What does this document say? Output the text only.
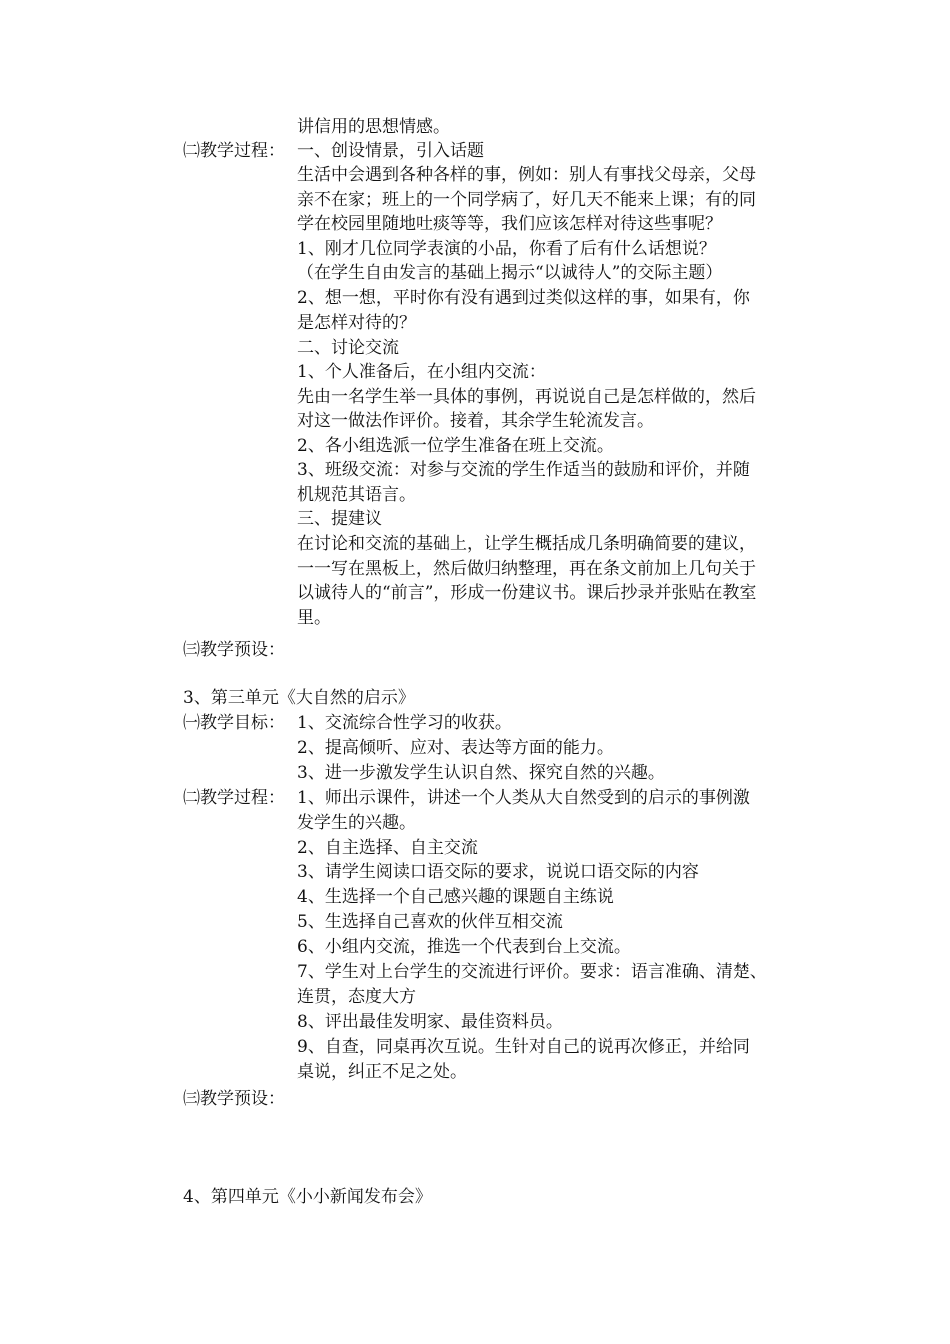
讲信用的思想情感。
㈡教学过程： 一、创设情景，引入话题
生活中会遇到各种各样的事，例如：别人有事找父母亲，父母
亲不在家；班上的一个同学病了，好几天不能来上课；有的同
学在校园里随地吐痰等等，我们应该怎样对待这些事呢？
1、刚才几位同学表演的小品，你看了后有什么话想说？
（在学生自由发言的基础上揭示“以诚待人”的交际主题）
2、想一想，平时你有没有遇到过类似这样的事，如果有，你
是怎样对待的？
二、讨论交流
1、个人准备后，在小组内交流：
先由一名学生举一具体的事例，再说说自己是怎样做的，然后
对这一做法作评价。接着，其余学生轮流发言。
2、各小组选派一位学生准备在班上交流。
3、班级交流：对参与交流的学生作适当的鼓励和评价，并随
机规范其语言。
三、提建议
在讨论和交流的基础上，让学生概括成几条明确简要的建议，
一一写在黑板上，然后做归纳整理，再在条文前加上几句关于
以诚待人的“前言”，形成一份建议书。课后抄录并张贴在教室
里。
㈢教学预设：
3、第三单元《大自然的启示》
㈠教学目标： 1、交流综合性学习的收获。
2、提高倾听、应对、表达等方面的能力。
3、进一步激发学生认识自然、探究自然的兴趣。
㈡教学过程： 1、师出示课件，讲述一个人类从大自然受到的启示的事例激
发学生的兴趣。
2、自主选择、自主交流
3、请学生阅读口语交际的要求，说说口语交际的内容
4、生选择一个自己感兴趣的课题自主练说
5、生选择自己喜欢的伙伴互相交流
6、小组内交流，推选一个代表到台上交流。
7、学生对上台学生的交流进行评价。要求：语言准确、清楚、
连贯，态度大方
8、评出最佳发明家、最佳资料员。
9、自查，同桌再次互说。生针对自己的说再次修正，并给同
桌说，纠正不足之处。
㈢教学预设：
4、第四单元《小小新闻发布会》
